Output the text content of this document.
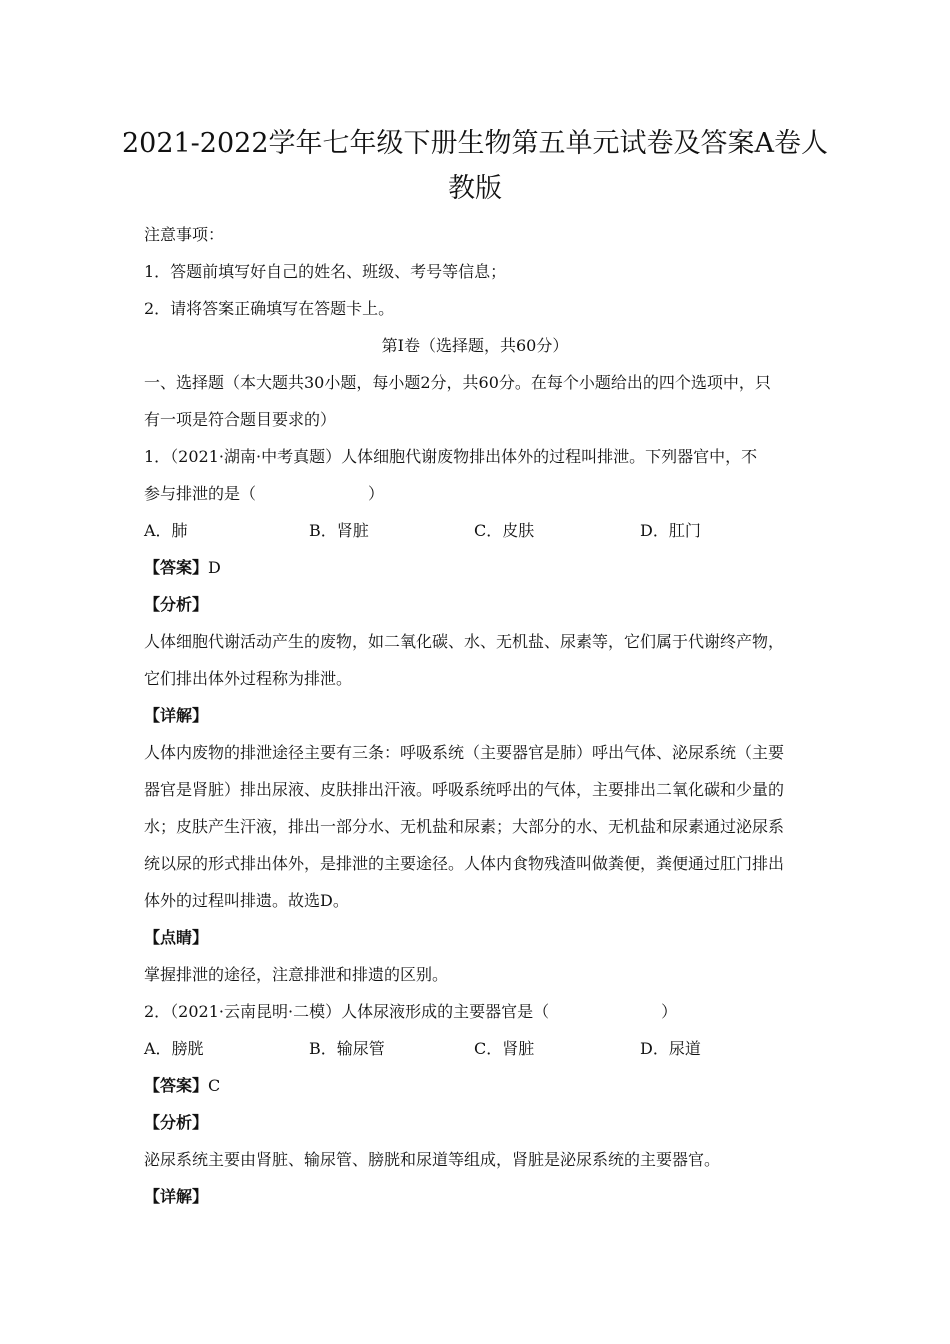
2021-2022学年七年级下册生物第五单元试卷及答案A卷人
教版
注意事项：
1．答题前填写好自己的姓名、班级、考号等信息；
2．请将答案正确填写在答题卡上。
第I卷（选择题，共60分）
一、选择题（本大题共30小题，每小题2分，共60分。在每个小题给出的四个选项中，只
有一项是符合题目要求的）
1．（2021·湖南·中考真题）人体细胞代谢废物排出体外的过程叫排泄。下列器官中，不
参与排泄的是（　　　　　　　）
A．肺	B．肾脏	C．皮肤	D．肛门
【答案】D
【分析】
人体细胞代谢活动产生的废物，如二氧化碳、水、无机盐、尿素等，它们属于代谢终产物，
它们排出体外过程称为排泄。
【详解】
人体内废物的排泄途径主要有三条：呼吸系统（主要器官是肺）呼出气体、泌尿系统（主要
器官是肾脏）排出尿液、皮肤排出汗液。呼吸系统呼出的气体，主要排出二氧化碳和少量的
水；皮肤产生汗液，排出一部分水、无机盐和尿素；大部分的水、无机盐和尿素通过泌尿系
统以尿的形式排出体外，是排泄的主要途径。人体内食物残渣叫做粪便，粪便通过肛门排出
体外的过程叫排遗。故选D。
【点睛】
掌握排泄的途径，注意排泄和排遗的区别。
2．（2021·云南昆明·二模）人体尿液形成的主要器官是（　　　　　　　）
A．膀胱	B．输尿管	C．肾脏	D．尿道
【答案】C
【分析】
泌尿系统主要由肾脏、输尿管、膀胱和尿道等组成，肾脏是泌尿系统的主要器官。
【详解】
